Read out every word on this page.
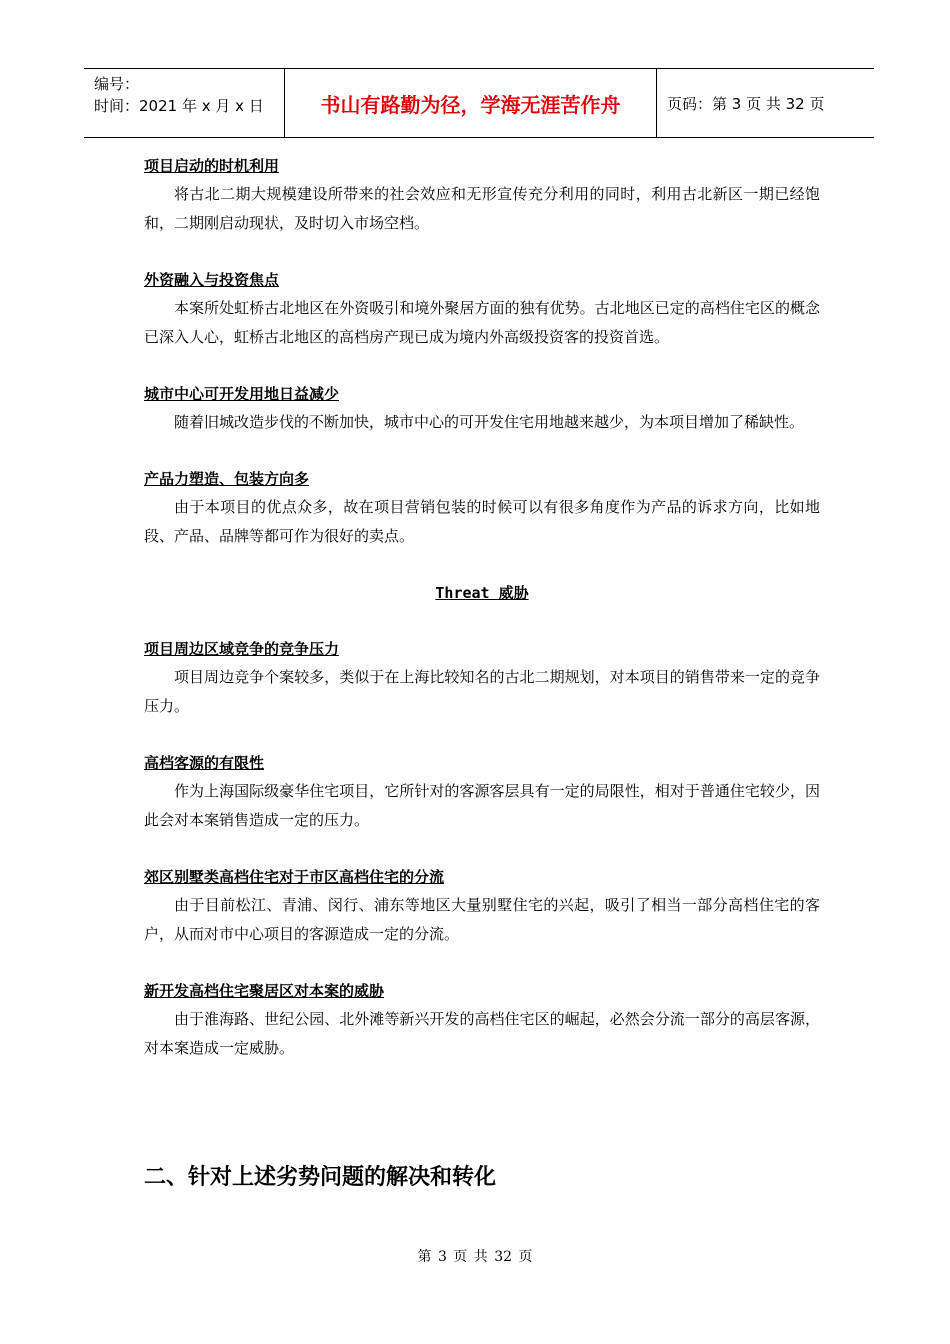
编号：
时间：2021 年 x 月 x 日	书山有路勤为径，学海无涯苦作舟	页码：第 3 页 共 32 页
项目启动的时机利用
将古北二期大规模建设所带来的社会效应和无形宣传充分利用的同时，利用古北新区一期已经饱和，二期刚启动现状，及时切入市场空档。
外资融入与投资焦点
本案所处虹桥古北地区在外资吸引和境外聚居方面的独有优势。古北地区已定的高档住宅区的概念已深入人心，虹桥古北地区的高档房产现已成为境内外高级投资客的投资首选。
城市中心可开发用地日益减少
随着旧城改造步伐的不断加快，城市中心的可开发住宅用地越来越少，为本项目增加了稀缺性。
产品力塑造、包装方向多
由于本项目的优点众多，故在项目营销包装的时候可以有很多角度作为产品的诉求方向，比如地段、产品、品牌等都可作为很好的卖点。
Threat 威胁
项目周边区域竞争的竞争压力
项目周边竞争个案较多，类似于在上海比较知名的古北二期规划，对本项目的销售带来一定的竞争压力。
高档客源的有限性
作为上海国际级豪华住宅项目，它所针对的客源客层具有一定的局限性，相对于普通住宅较少，因此会对本案销售造成一定的压力。
郊区别墅类高档住宅对于市区高档住宅的分流
由于目前松江、青浦、闵行、浦东等地区大量别墅住宅的兴起，吸引了相当一部分高档住宅的客户，从而对市中心项目的客源造成一定的分流。
新开发高档住宅聚居区对本案的威胁
由于淮海路、世纪公园、北外滩等新兴开发的高档住宅区的崛起，必然会分流一部分的高层客源，对本案造成一定威胁。
二、针对上述劣势问题的解决和转化
第 3 页 共 32 页
